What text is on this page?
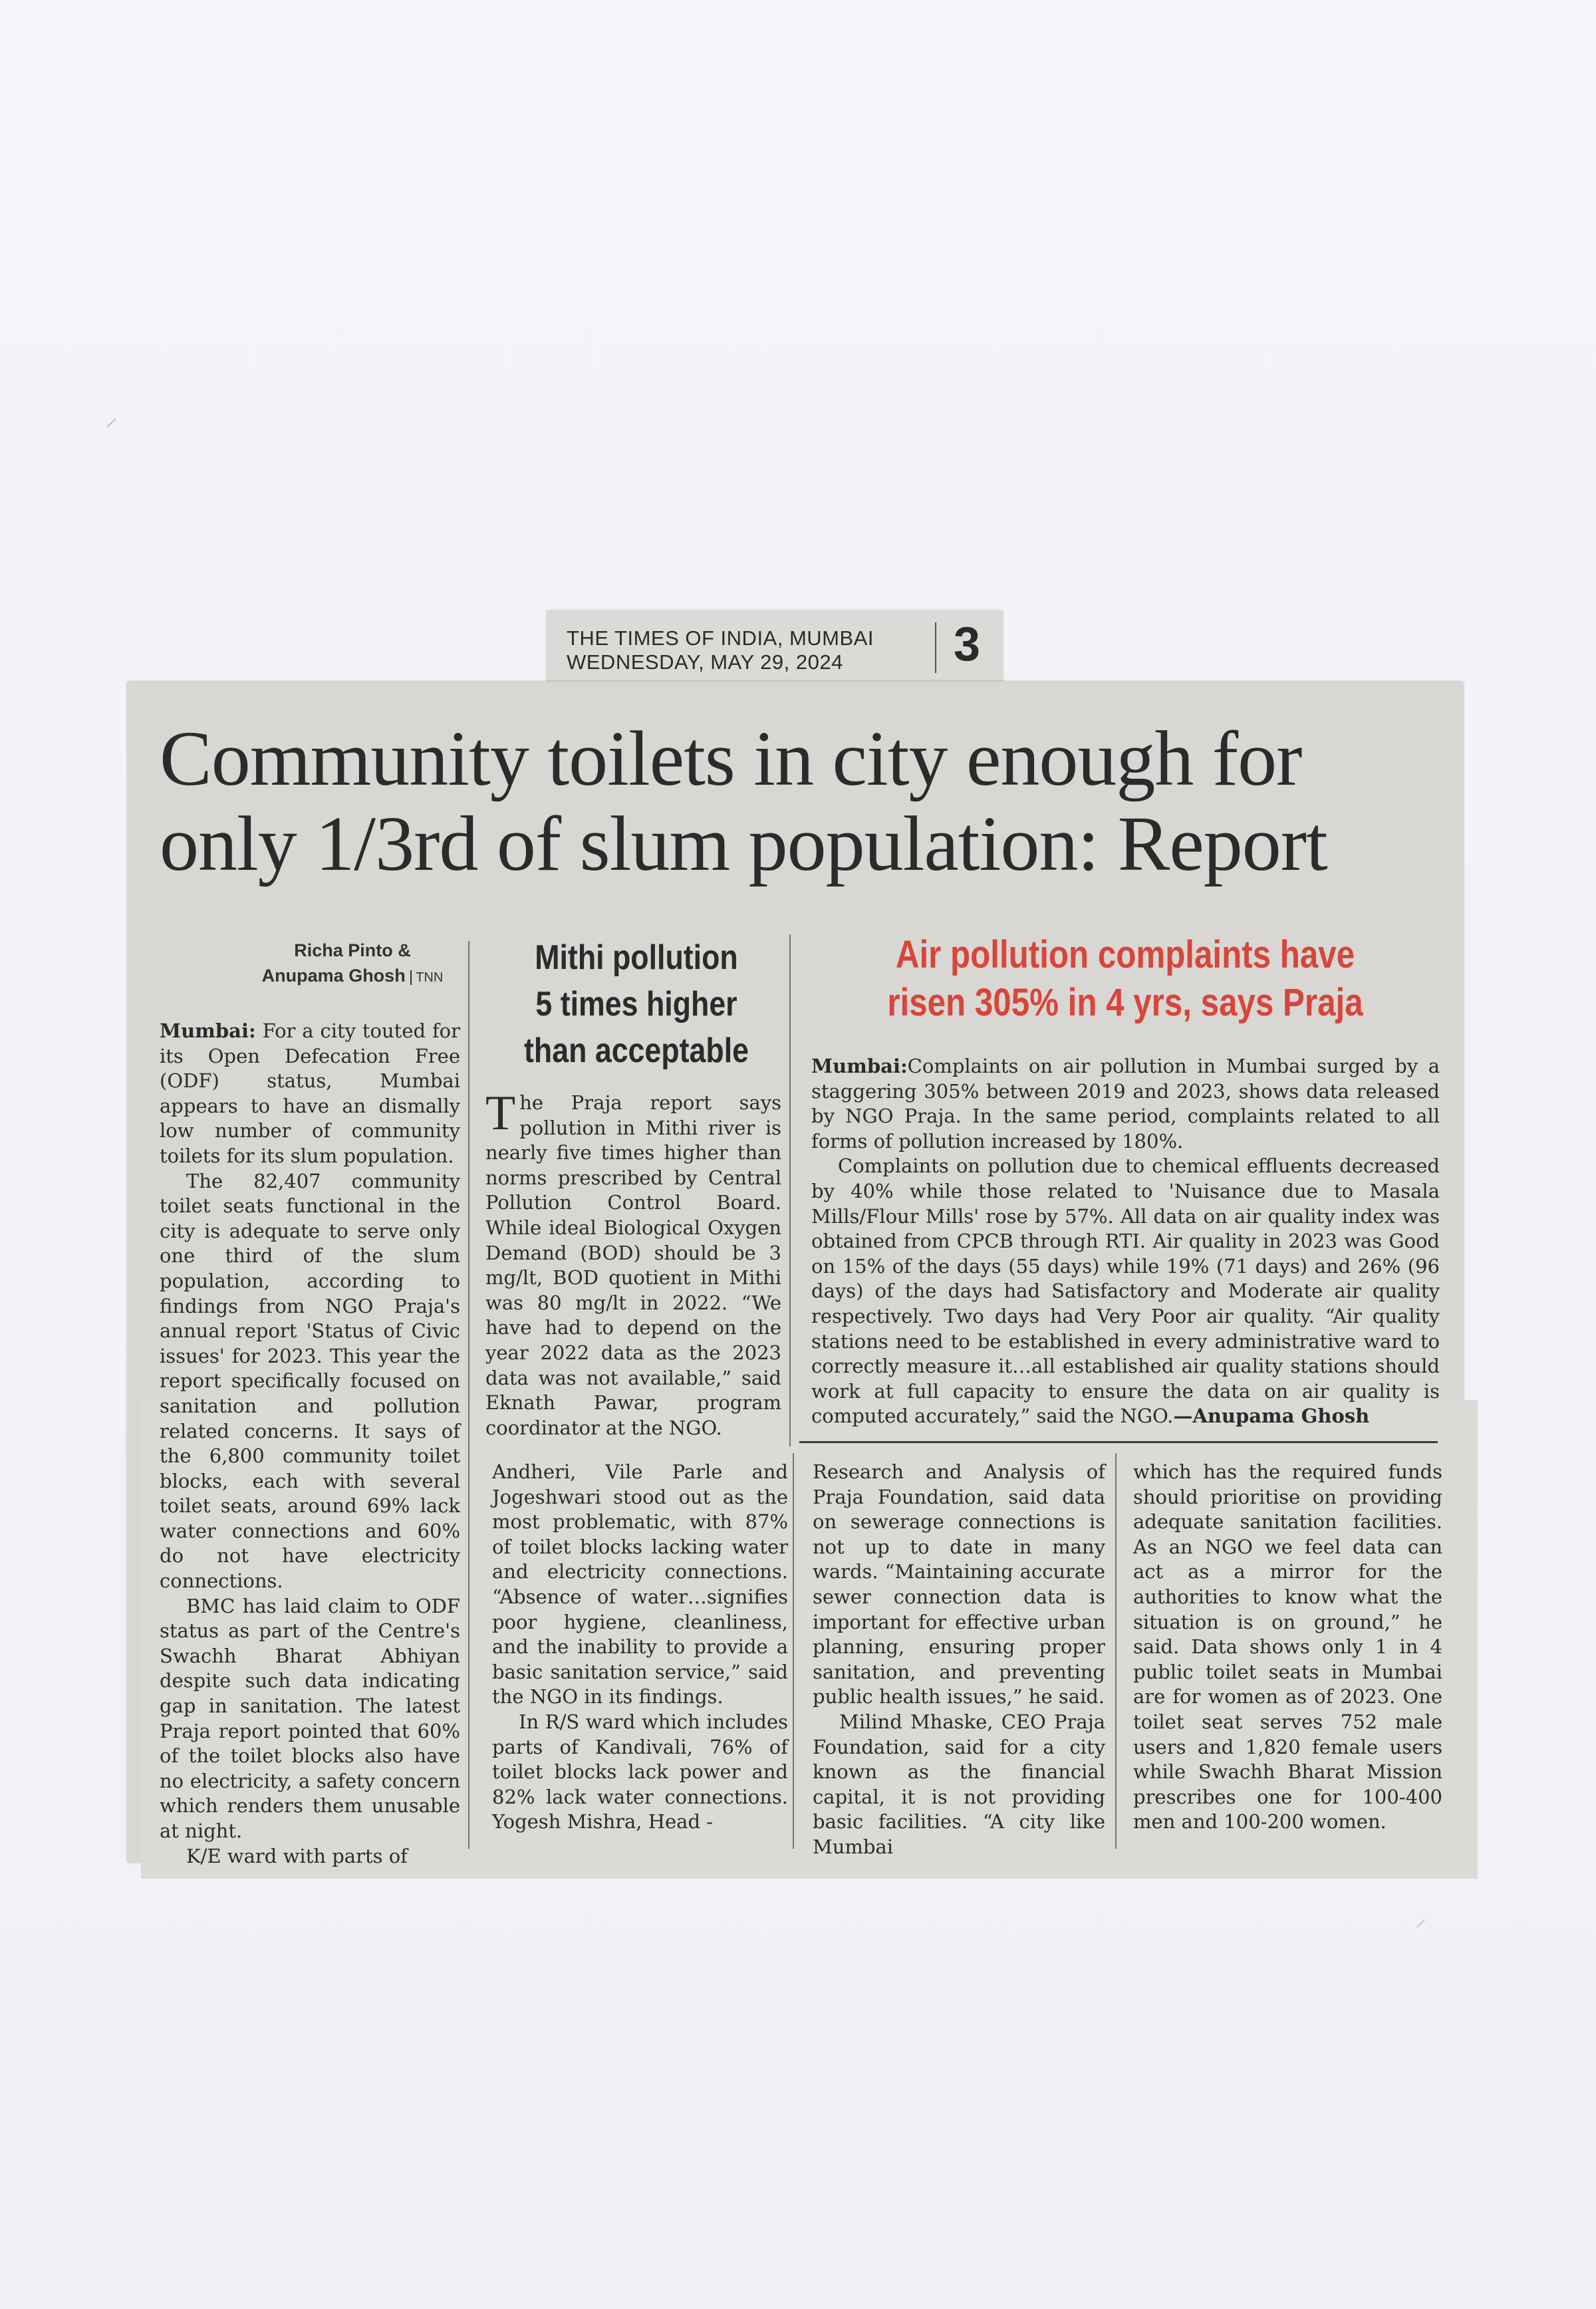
⸝
⸝
THE TIMES OF INDIA, MUMBAI
WEDNESDAY, MAY 29, 2024	3
Community toilets in city enough for
only 1/3rd of slum population: Report
Richa Pinto &
Anupama Ghosh TNN

Mumbai: For a city touted for its Open Defecation Free (ODF) status, Mumbai appears to have an dismally low number of community toilets for its slum population.

The 82,407 community toilet seats functional in the city is adequate to serve only one third of the slum population, according to findings from NGO Praja's annual report 'Status of Civic issues' for 2023. This year the report specifically focused on sanitation and pollution related concerns. It says of the 6,800 community toilet blocks, each with several toilet seats, around 69% lack water connections and 60% do not have electricity connections.

BMC has laid claim to ODF status as part of the Centre's Swachh Bharat Abhiyan despite such data indicating gap in sanitation. The latest Praja report pointed that 60% of the toilet blocks also have no electricity, a safety concern which renders them unusable at night.

K/E ward with parts of

Mithi pollution
5 times higher
than acceptable

The Praja report says pollution in Mithi river is nearly five times higher than norms prescribed by Central Pollution Control Board. While ideal Biological Oxygen Demand (BOD) should be 3 mg/lt, BOD quotient in Mithi was 80 mg/lt in 2022. “We have had to depend on the year 2022 data as the 2023 data was not available,” said Eknath Pawar, program coordinator at the NGO.

Air pollution complaints have
risen 305% in 4 yrs, says Praja

Mumbai:Complaints on air pollution in Mumbai surged by a staggering 305% between 2019 and 2023, shows data released by NGO Praja. In the same period, complaints related to all forms of pollution increased by 180%.

Complaints on pollution due to chemical effluents decreased by 40% while those related to 'Nuisance due to Masala Mills/Flour Mills' rose by 57%. All data on air quality index was obtained from CPCB through RTI. Air quality in 2023 was Good on 15% of the days (55 days) while 19% (71 days) and 26% (96 days) of the days had Satisfactory and Moderate air quality respectively. Two days had Very Poor air quality. “Air quality stations need to be established in every administrative ward to correctly measure it…all established air quality stations should work at full capacity to ensure the data on air quality is computed accurately,” said the NGO.—Anupama Ghosh

Andheri, Vile Parle and Jogeshwari stood out as the most problematic, with 87% of toilet blocks lacking water and electricity connections. “Absence of water…signifies poor hygiene, cleanliness, and the inability to provide a basic sanitation service,” said the NGO in its findings.

In R/S ward which includes parts of Kandivali, 76% of toilet blocks lack power and 82% lack water connections. Yogesh Mishra, Head -

Research and Analysis of Praja Foundation, said data on sewerage connections is not up to date in many wards. “Maintaining accurate sewer connection data is important for effective urban planning, ensuring proper sanitation, and preventing public health issues,” he said.

Milind Mhaske, CEO Praja Foundation, said for a city known as the financial capital, it is not providing basic facilities. “A city like Mumbai

which has the required funds should prioritise on providing adequate sanitation facilities. As an NGO we feel data can act as a mirror for the authorities to know what the situation is on ground,” he said. Data shows only 1 in 4 public toilet seats in Mumbai are for women as of 2023. One toilet seat serves 752 male users and 1,820 female users while Swachh Bharat Mission prescribes one for 100-400 men and 100-200 women.
